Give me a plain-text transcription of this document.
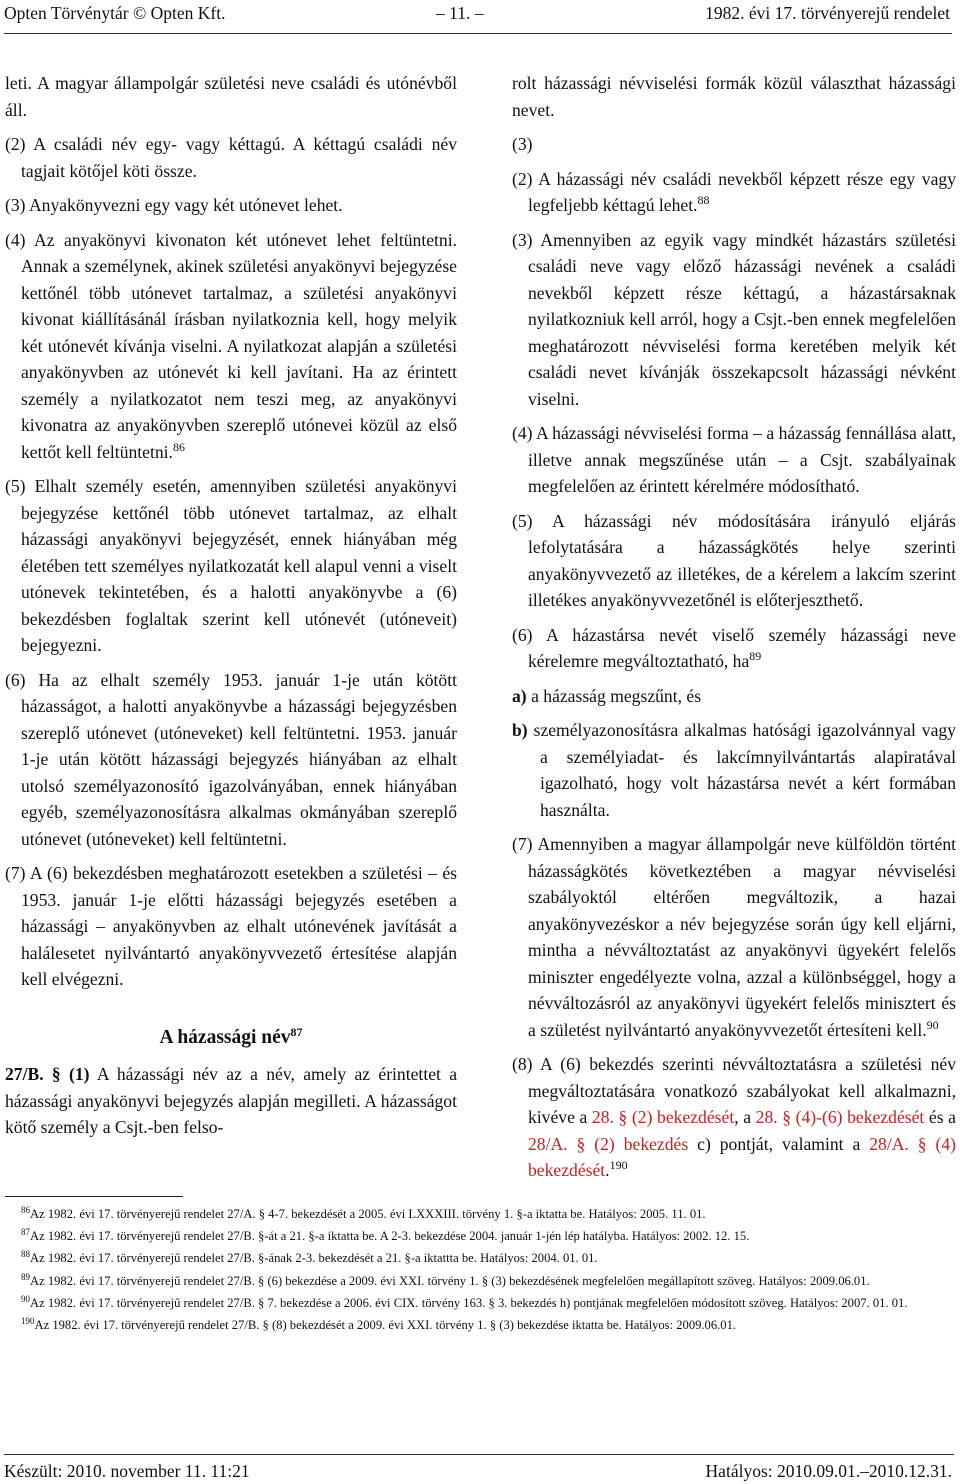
Opten Törvénytár © Opten Kft.	– 11. –	1982. évi 17. törvényerejű rendelet

leti. A magyar állampolgár születési neve családi és utónévből áll.

(2) A családi név egy- vagy kéttagú. A kéttagú családi név tagjait kötőjel köti össze.

(3) Anyakönyvezni egy vagy két utónevet lehet.

(4) Az anyakönyvi kivonaton két utónevet lehet feltüntetni. Annak a személynek, akinek születési anyakönyvi bejegyzése kettőnél több utónevet tartalmaz, a születési anyakönyvi kivonat kiállításánál írásban nyilatkoznia kell, hogy melyik két utónevét kívánja viselni. A nyilatkozat alapján a születési anyakönyvben az utónevét ki kell javítani. Ha az érintett személy a nyilatkozatot nem teszi meg, az anyakönyvi kivonatra az anyakönyvben szereplő utónevei közül az első kettőt kell feltüntetni.$^{86}$

(5) Elhalt személy esetén, amennyiben születési anyakönyvi bejegyzése kettőnél több utónevet tartalmaz, az elhalt házassági anyakönyvi bejegyzését, ennek hiányában még életében tett személyes nyilatkozatát kell alapul venni a viselt utónevek tekintetében, és a halotti anyakönyvbe a (6) bekezdésben foglaltak szerint kell utónevét (utóneveit) bejegyezni.

(6) Ha az elhalt személy 1953. január 1-je után kötött házasságot, a halotti anyakönyvbe a házassági bejegyzésben szereplő utónevet (utóneveket) kell feltüntetni. 1953. január 1-je után kötött házassági bejegyzés hiányában az elhalt utolsó személyazonosító igazolványában, ennek hiányában egyéb, személyazonosításra alkalmas okmányában szereplő utónevet (utóneveket) kell feltüntetni.

(7) A (6) bekezdésben meghatározott esetekben a születési – és 1953. január 1-je előtti házassági bejegyzés esetében a házassági – anyakönyvben az elhalt utónevének javítását a halálesetet nyilvántartó anyakönyvvezető értesítése alapján kell elvégezni.

A házassági név$^{87}$

27/B. § (1) A házassági név az a név, amely az érintettet a házassági anyakönyvi bejegyzés alapján megilleti. A házasságot kötő személy a Csjt.-ben felso-

rolt házassági névviselési formák közül választhat házassági nevet.

(3)

(2) A házassági név családi nevekből képzett része egy vagy legfeljebb kéttagú lehet.$^{88}$

(3) Amennyiben az egyik vagy mindkét házastárs születési családi neve vagy előző házassági nevének a családi nevekből képzett része kéttagú, a házastársaknak nyilatkozniuk kell arról, hogy a Csjt.-ben ennek megfelelően meghatározott névviselési forma keretében melyik két családi nevet kívánják összekapcsolt házassági névként viselni.

(4) A házassági névviselési forma – a házasság fennállása alatt, illetve annak megszűnése után – a Csjt. szabályainak megfelelően az érintett kérelmére módosítható.

(5) A házassági név módosítására irányuló eljárás lefolytatására a házasságkötés helye szerinti anyakönyvvezető az illetékes, de a kérelem a lakcím szerint illetékes anyakönyvvezetőnél is előterjeszthető.

(6) A házastársa nevét viselő személy házassági neve kérelemre megváltoztatható, $ha^{89}$

a) a házasság megszűnt, és

b) személyazonosításra alkalmas hatósági igazolvánnyal vagy a személyiadat- és lakcímnyilvántartás alapiratával igazolható, hogy volt házastársa nevét a kért formában használta.

(7) Amennyiben a magyar állampolgár neve külföldön történt házasságkötés következtében a magyar névviselési szabályoktól eltérően megváltozik, a hazai anyakönyvezéskor a név bejegyzése során úgy kell eljárni, mintha a névváltoztatást az anyakönyvi ügyekért felelős miniszter engedélyezte volna, azzal a különbséggel, hogy a névváltozásról az anyakönyvi ügyekért felelős minisztert és a születést nyilvántartó anyakönyvvezetőt értesíteni kell.$^{90}$

(8) A (6) bekezdés szerinti névváltoztatásra a születési név megváltoztatására vonatkozó szabályokat kell alkalmazni, kivéve a 28. § (2) bekezdését, a 28. § (4)-(6) bekezdését és a 28/A. § (2) bekezdés c) pontját, valamint a 28/A. § (4) bekezdését.$^{190}$

$^{86}$Az 1982. évi 17. törvényerejű rendelet 27/A. § 4-7. bekezdését a 2005. évi LXXXIII. törvény 1. §-a iktatta be. Hatályos: 2005. 11. 01.

$^{87}$Az 1982. évi 17. törvényerejű rendelet 27/B. §-át a 21. §-a iktatta be. A 2-3. bekezdése 2004. január 1-jén lép hatályba. Hatályos: 2002. 12. 15.

$^{88}$Az 1982. évi 17. törvényerejű rendelet 27/B. §-ának 2-3. bekezdését a 21. §-a iktattta be. Hatályos: 2004. 01. 01.

$^{89}$Az 1982. évi 17. törvényerejű rendelet 27/B. § (6) bekezdése a 2009. évi XXI. törvény 1. § (3) bekezdésének megfelelően megállapított szöveg. Hatályos: 2009.06.01.

$^{90}$Az 1982. évi 17. törvényerejű rendelet 27/B. § 7. bekezdése a 2006. évi CIX. törvény 163. § 3. bekezdés h) pontjának megfelelően módosított szöveg. Hatályos: 2007. 01. 01.

$^{190}$Az 1982. évi 17. törvényerejű rendelet 27/B. § (8) bekezdését a 2009. évi XXI. törvény 1. § (3) bekezdése iktatta be. Hatályos: 2009.06.01.

Készült: 2010. november 11. 11:21	Hatályos: 2010.09.01.–2010.12.31.
